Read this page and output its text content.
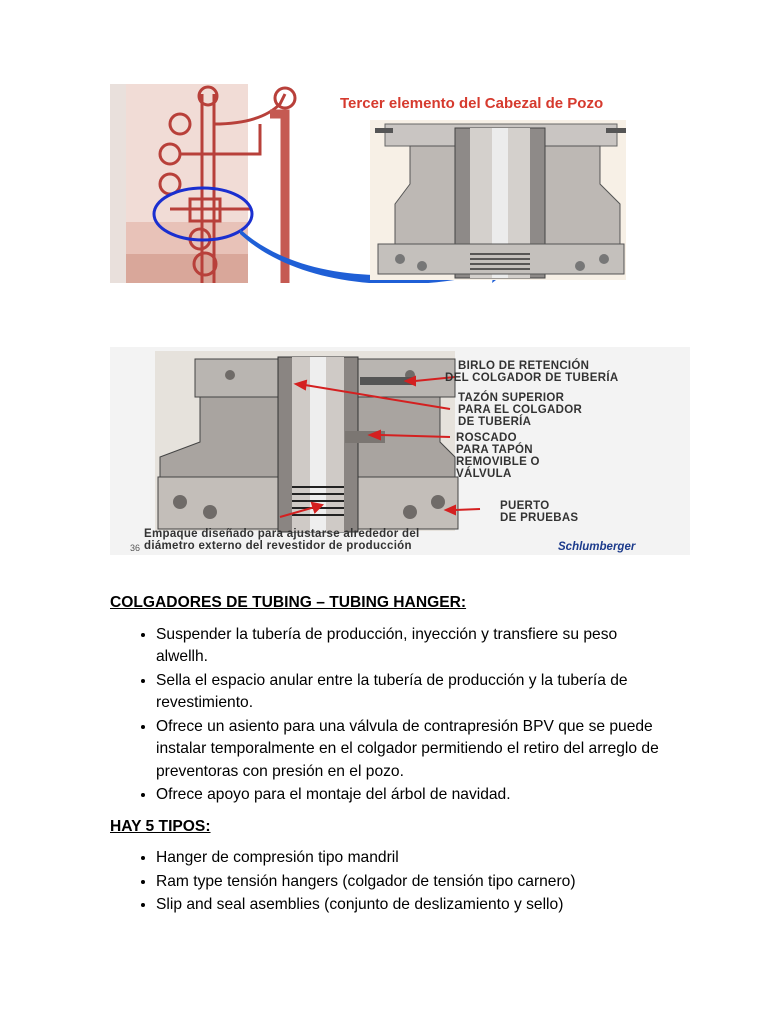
Tercer elemento del Cabezal de Pozo
BIRLO DE RETENCIÓN DEL COLGADOR DE TUBERÍA
TAZÓN SUPERIOR PARA EL COLGADOR DE TUBERÍA
ROSCADO PARA TAPÓN REMOVIBLE O VÁLVULA
PUERTO DE PRUEBAS
Empaque diseñado para ajustarse alrededor del diámetro externo del revestidor de producción
36	Schlumberger

COLGADORES DE TUBING – TUBING HANGER:

• Suspender la tubería de producción, inyección y transfiere su peso alwellh.
• Sella el espacio anular entre la tubería de producción y la tubería de revestimiento.
• Ofrece un asiento para una válvula de contrapresión BPV que se puede instalar temporalmente en el colgador permitiendo el retiro del arreglo de preventoras con presión en el pozo.
• Ofrece apoyo para el montaje del árbol de navidad.

HAY 5 TIPOS:

• Hanger de compresión tipo mandril
• Ram type tensión hangers (colgador de tensión tipo carnero)
• Slip and seal asemblies (conjunto de deslizamiento y sello)
